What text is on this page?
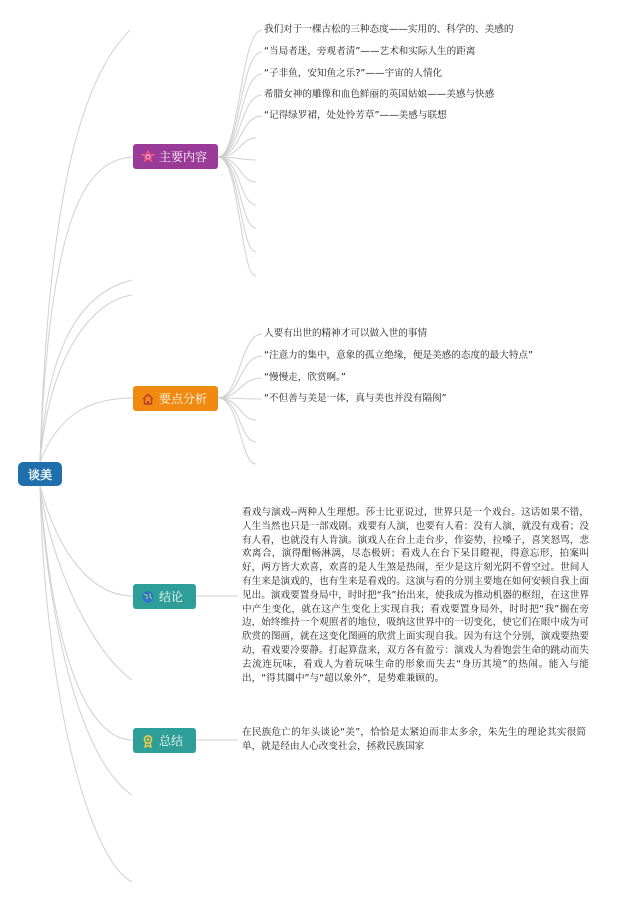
谈美
主要内容
要点分析
结论
总结
我们对于一棵古松的三种态度——实用的、科学的、美感的
“当局者迷，旁观者清”——艺术和实际人生的距离
“子非鱼，安知鱼之乐?”——宇宙的人情化
希腊女神的雕像和血色鲜丽的英国姑娘——美感与快感
“记得绿罗裙，处处怜芳草”——美感与联想
人要有出世的精神才可以做入世的事情
“注意力的集中，意象的孤立绝缘，便是美感的态度的最大特点”
“慢慢走，欣赏啊。”
“不但善与美是一体，真与美也并没有隔阂”
看戏与演戏--两种人生理想。莎士比亚说过，世界只是一个戏台。这话如果不错，人生当然也只是一部戏剧。戏要有人演，也要有人看：没有人演，就没有戏看；没有人看，也就没有人肯演。演戏人在台上走台步，作姿势，拉嗓子，喜笑怒骂，悲欢离合，演得酣畅淋漓，尽态极妍；看戏人在台下呆目瞪视，得意忘形，拍案叫好，两方皆大欢喜，欢喜的是人生煞是热闹，至少是这片刻光阴不曾空过。世间人有生来是演戏的，也有生来是看戏的。这演与看的分别主要地在如何安顿自我上面见出。演戏要置身局中，时时把“我”抬出来，使我成为推动机器的枢纽，在这世界中产生变化，就在这产生变化上实现自我；看戏要置身局外，时时把“我”搁在旁边，始终维持一个观照者的地位，吸纳这世界中的一切变化，使它们在眼中成为可欣赏的图画，就在这变化图画的欣赏上面实现自我。因为有这个分别，演戏要热要动，看戏要冷要静。打起算盘来，双方各有盈亏：演戏人为着饱尝生命的跳动而失去流连玩味，看戏人为着玩味生命的形象而失去“身历其境”的热闹。能入与能出，“得其圜中”与“超以象外”，是势难兼顾的。
在民族危亡的年头谈论“美”，恰恰是太紧迫而非太多余，朱先生的理论其实很简单，就是经由人心改变社会，拯救民族国家
